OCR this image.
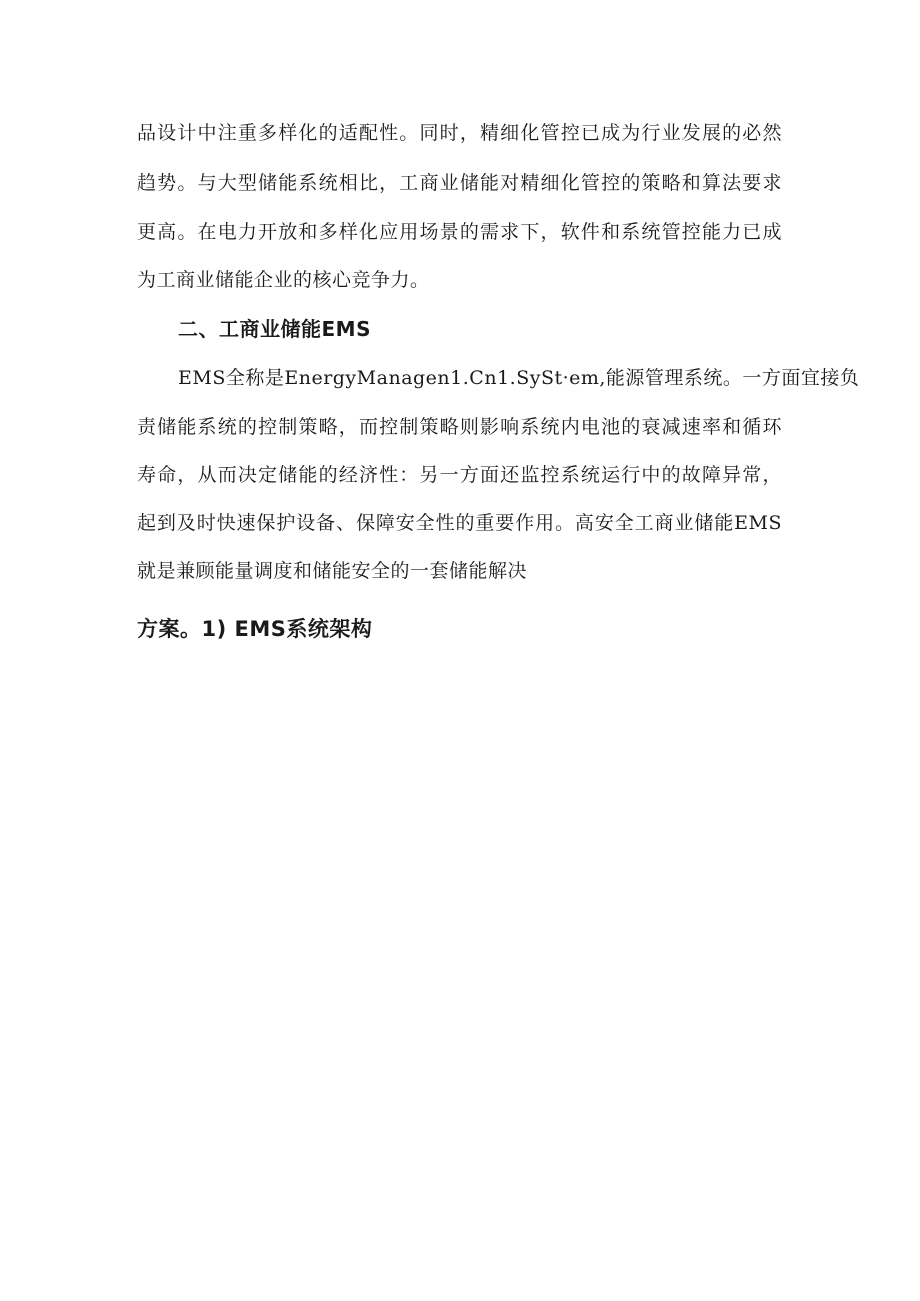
品设计中注重多样化的适配性。同时，精细化管控已成为行业发展的必然
趋势。与大型储能系统相比，工商业储能对精细化管控的策略和算法要求
更高。在电力开放和多样化应用场景的需求下，软件和系统管控能力已成
为工商业储能企业的核心竞争力。
二、工商业储能EMS
EMS全称是EnergyManagen1.Cn1.SySt·em,能源管理系统。一方面宜接负
责储能系统的控制策略，而控制策略则影响系统内电池的衰减速率和循环
寿命，从而决定储能的经济性：另一方面还监控系统运行中的故障异常，
起到及时快速保护设备、保障安全性的重要作用。高安全工商业储能EMS
就是兼顾能量调度和储能安全的一套储能解决
方案。1) EMS系统架构
